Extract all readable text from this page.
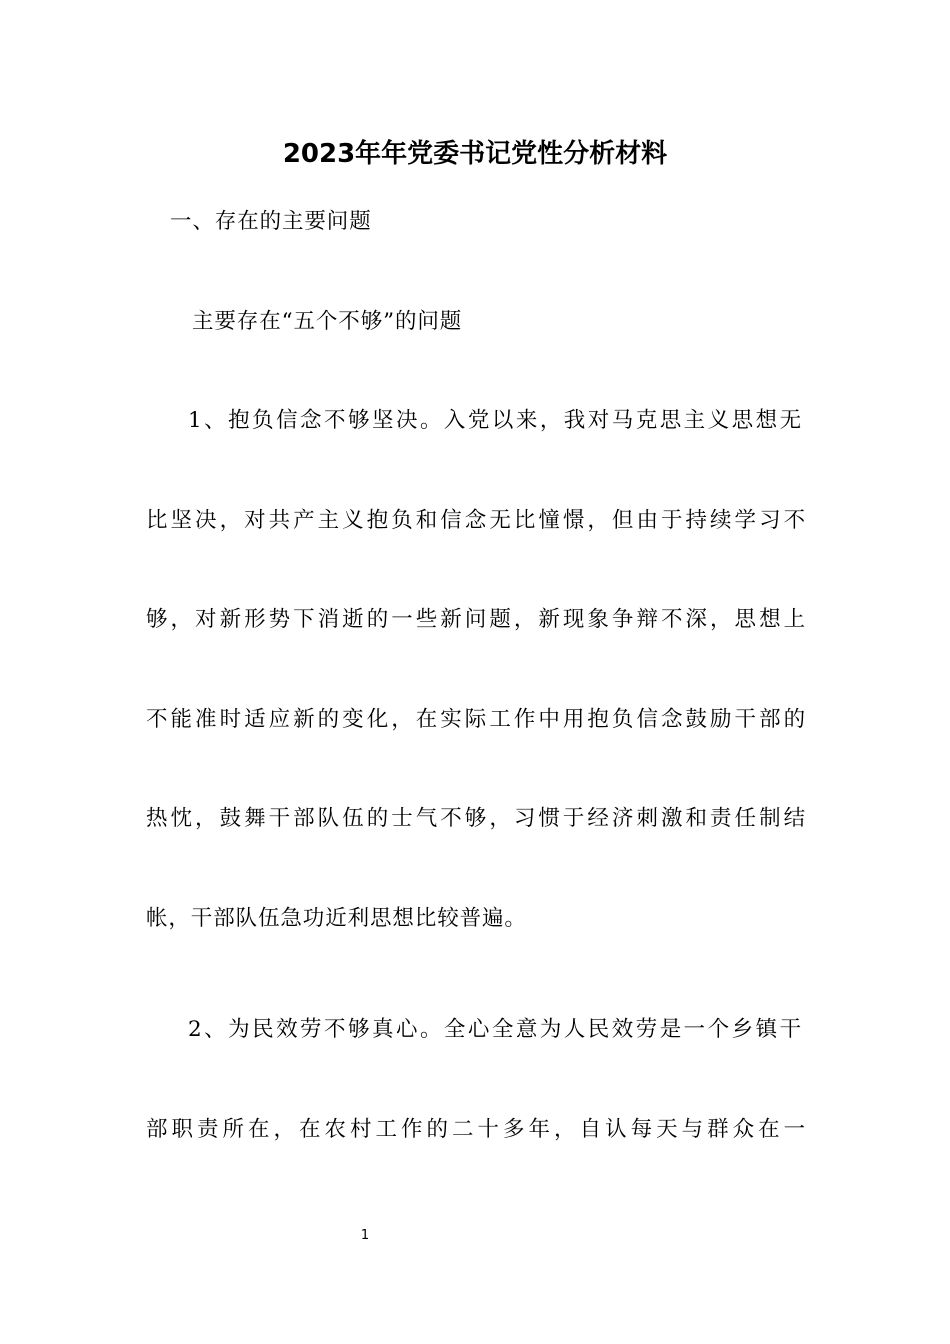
2023年年党委书记党性分析材料
一、存在的主要问题
主要存在“五个不够”的问题
1、抱负信念不够坚决。入党以来，我对马克思主义思想无
比坚决，对共产主义抱负和信念无比憧憬，但由于持续学习不
够，对新形势下消逝的一些新问题，新现象争辩不深，思想上
不能准时适应新的变化，在实际工作中用抱负信念鼓励干部的
热忱，鼓舞干部队伍的士气不够，习惯于经济刺激和责任制结
帐，干部队伍急功近利思想比较普遍。
2、为民效劳不够真心。全心全意为人民效劳是一个乡镇干
部职责所在，在农村工作的二十多年，自认每天与群众在一
1
